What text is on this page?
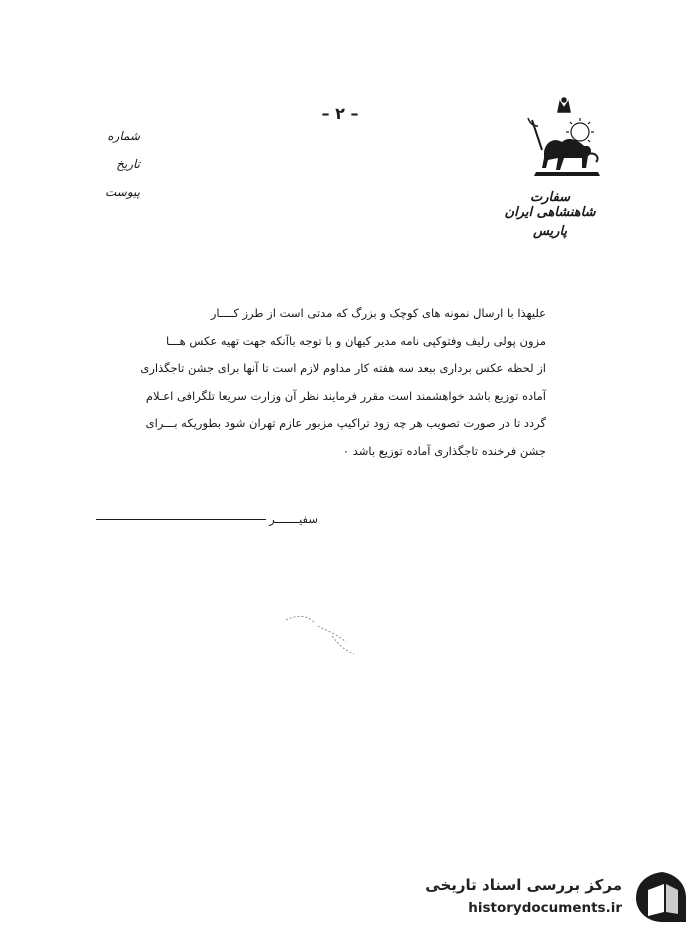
– ۲ –
شماره
تاریخ
پیوست	سفارت شاهنشاهی ایران
پاریس

علیهذا با ارسال نمونه های کوچک و بزرگ که مدتی است از طرز کــــار

مزون پولی رلیف وفتوکپی نامه مدیر کیهان و با توجه باآنکه جهت تهیه عکس هـــا

از لحظه عکس برداری ببعد سه هفته کار مداوم لازم است تا آنها برای جشن تاجگذاری

آماده توزیع باشد خواهشمند است مقرر فرمایند نظر آن وزارت سریعا تلگرافی اعـلام

گردد تا در صورت تصویب هر چه زود تراکیپ مزبور عازم تهران شود بطوریکه بـــرای

جشن فرخنده تاجگذاری آماده توزیع باشد ٠

سفیـــــــر
مرکز بررسی اسناد تاریخی
historydocuments.ir
